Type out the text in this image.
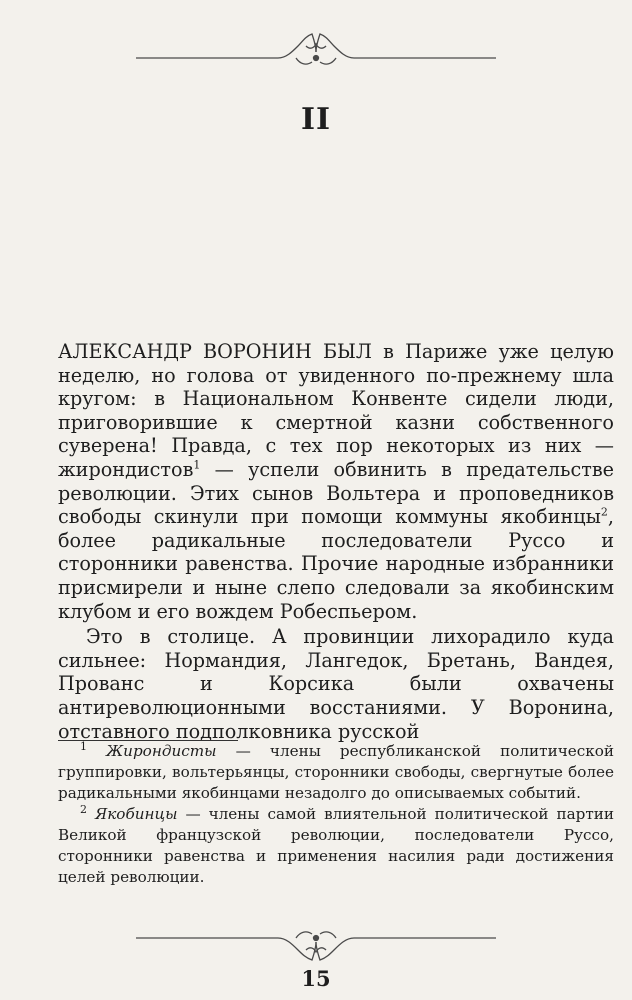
II

АЛЕКСАНДР ВОРОНИН БЫЛ в Париже уже целую неделю, но голова от увиденного по-прежнему шла кругом: в Национальном Конвенте сидели люди, приговорившие к смертной казни собственного суверена! Правда, с тех пор некоторых из них — жирондистов$^1$ — успели обвинить в предательстве революции. Этих сынов Вольтера и проповедников свободы скинули при помощи коммуны якобинцы$^2$, более радикальные последователи Руссо и сторонники равенства. Прочие народные избранники присмирели и ныне слепо следовали за якобинским клубом и его вождем Робеспьером.

Это в столице. А провинции лихорадило куда сильнее: Нормандия, Лангедок, Бретань, Вандея, Прованс и Корсика были охвачены антиреволюционными восстаниями. У Воронина, отставного подполковника русской

$^1$ Жирондисты — члены республиканской политической группировки, вольтерьянцы, сторонники свободы, свергнутые более радикальными якобинцами незадолго до описываемых событий.

$^2$ Якобинцы — члены самой влиятельной политической партии Великой французской революции, последователи Руссо, сторонники равенства и применения насилия ради достижения целей революции.

15
